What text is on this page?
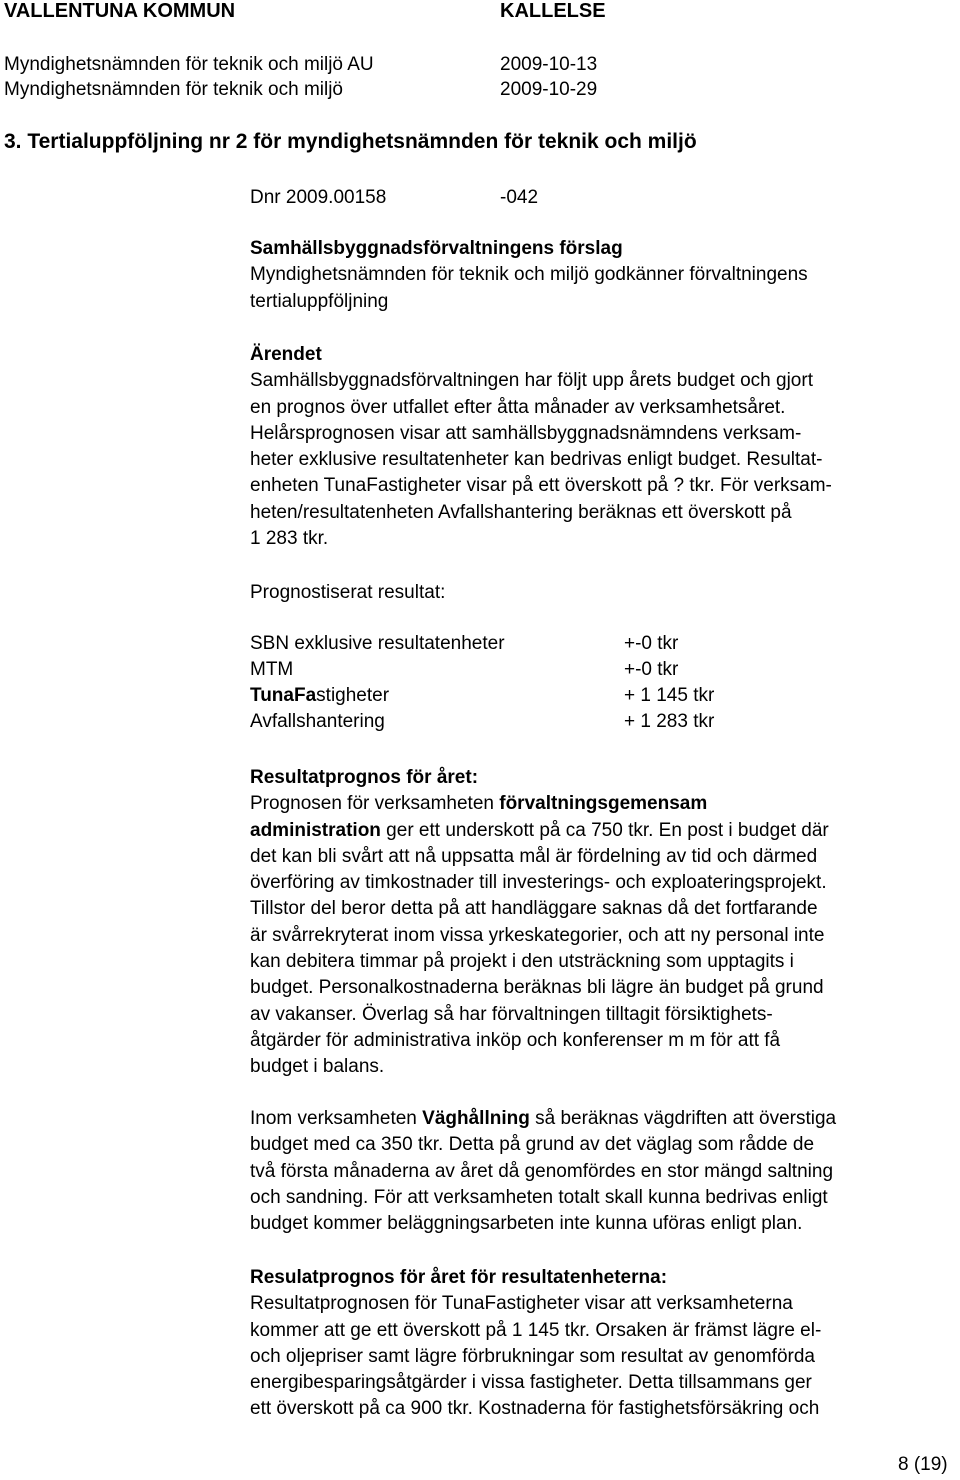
VALLENTUNA KOMMUN	KALLELSE
Myndighetsnämnden för teknik och miljö AU	2009-10-13
Myndighetsnämnden för teknik och miljö	2009-10-29
3. Tertialuppföljning nr 2 för myndighetsnämnden för teknik och miljö
Dnr 2009.00158	-042

Samhällsbyggnadsförvaltningens förslag

Myndighetsnämnden för teknik och miljö godkänner förvaltningens
tertialuppföljning

Ärendet

Samhällsbyggnadsförvaltningen har följt upp årets budget och gjort
en prognos över utfallet efter åtta månader av verksamhetsåret.
Helårsprognosen visar att samhällsbyggnadsnämndens verksam-
heter exklusive resultatenheter kan bedrivas enligt budget. Resultat-
enheten TunaFastigheter visar på ett överskott på ? tkr. För verksam-
heten/resultatenheten Avfallshantering beräknas ett överskott på
1 283 tkr.
Prognostiserat resultat:
SBN exklusive resultatenheter	+-0 tkr
MTM	+-0 tkr
TunaFastigheter	+ 1 145 tkr
Avfallshantering	+ 1 283 tkr

Resultatprognos för året:

Prognosen för verksamheten förvaltningsgemensam
administration ger ett underskott på ca 750 tkr. En post i budget där
det kan bli svårt att nå uppsatta mål är fördelning av tid och därmed
överföring av timkostnader till investerings- och exploateringsprojekt.
Tillstor del beror detta på att handläggare saknas då det fortfarande
är svårrekryterat inom vissa yrkeskategorier, och att ny personal inte
kan debitera timmar på projekt i den utsträckning som upptagits i
budget. Personalkostnaderna beräknas bli lägre än budget på grund
av vakanser. Överlag så har förvaltningen tilltagit försiktighets-
åtgärder för administrativa inköp och konferenser m m för att få
budget i balans.
Inom verksamheten Väghållning så beräknas vägdriften att överstiga
budget med ca 350 tkr. Detta på grund av det väglag som rådde de
två första månaderna av året då genomfördes en stor mängd saltning
och sandning. För att verksamheten totalt skall kunna bedrivas enligt
budget kommer beläggningsarbeten inte kunna uföras enligt plan.

Resulatprognos för året för resultatenheterna:

Resultatprognosen för TunaFastigheter visar att verksamheterna
kommer att ge ett överskott på 1 145 tkr. Orsaken är främst lägre el-
och oljepriser samt lägre förbrukningar som resultat av genomförda
energibesparingsåtgärder i vissa fastigheter. Detta tillsammans ger
ett överskott på ca 900 tkr. Kostnaderna för fastighetsförsäkring och
8 (19)
